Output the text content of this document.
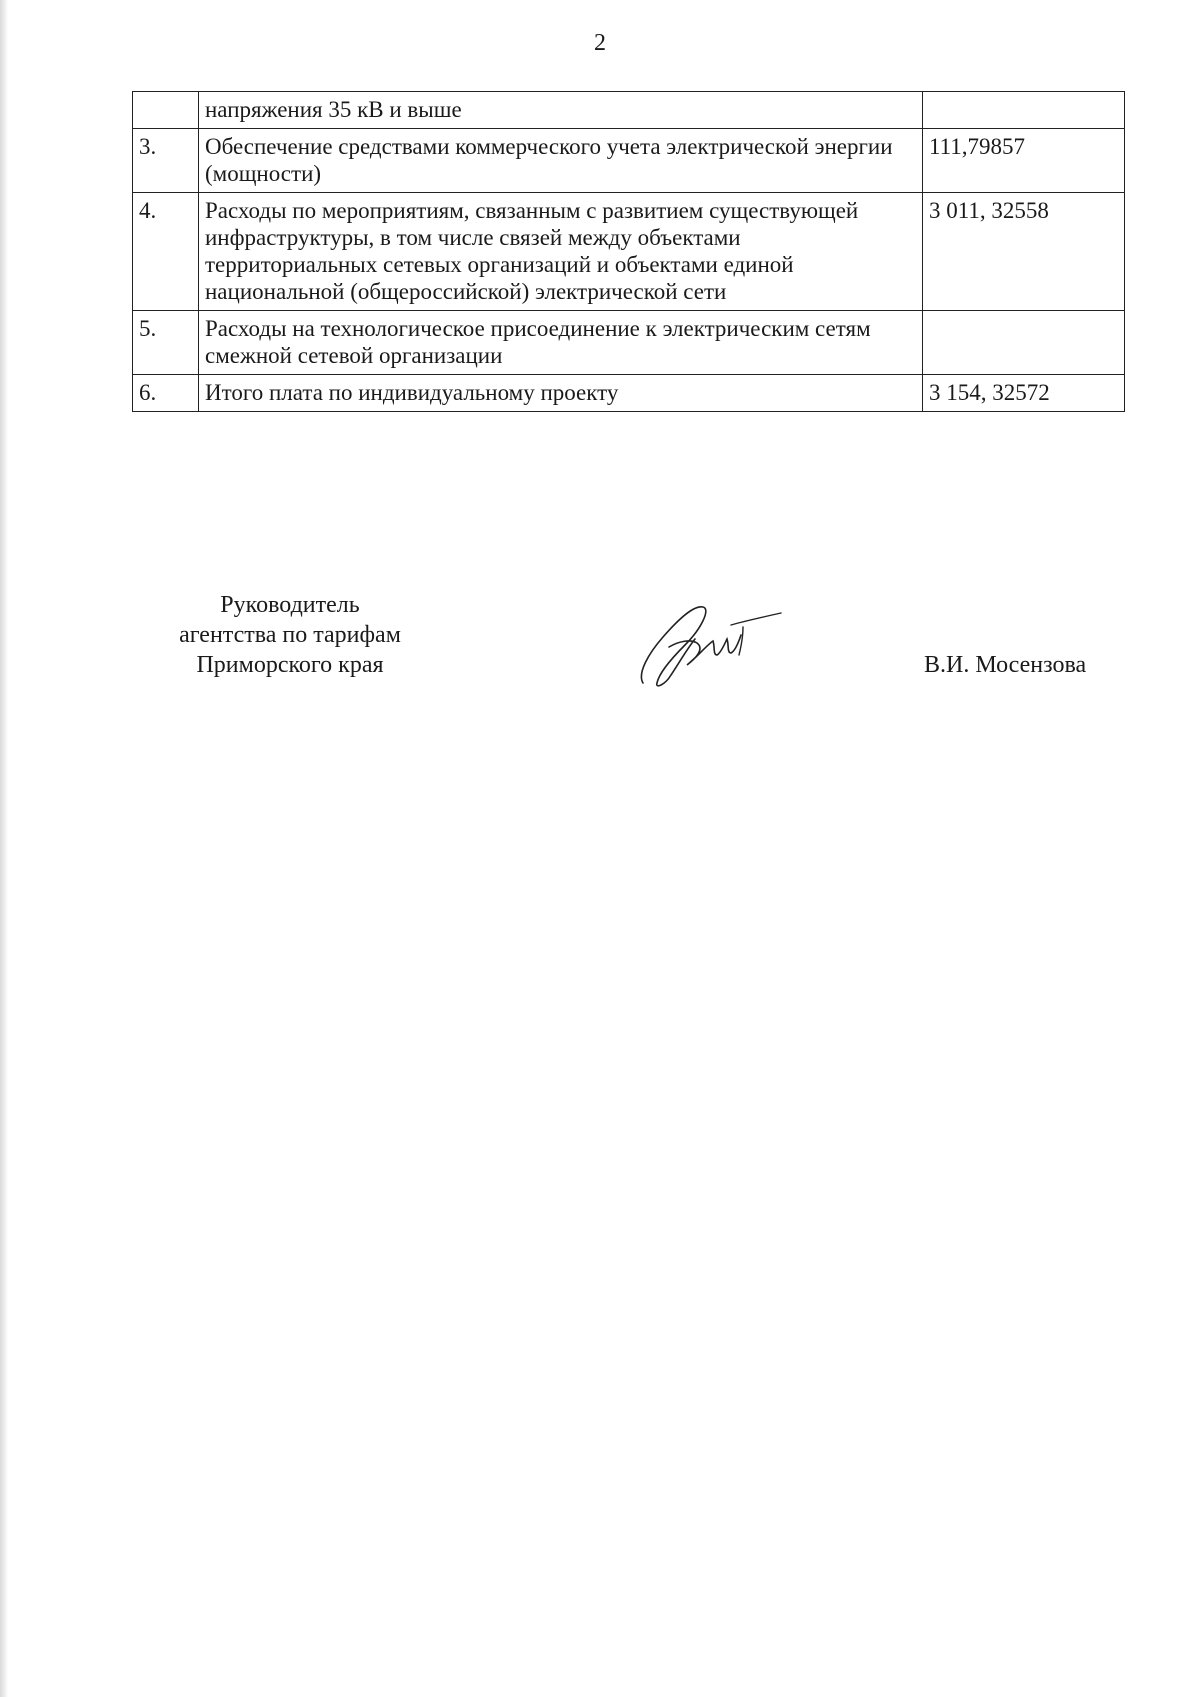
2
	напряжения 35 кВ и выше	
3.	Обеспечение средствами коммерческого учета электрической энергии (мощности)	111,79857
4.	Расходы по мероприятиям, связанным с развитием существующей инфраструктуры, в том числе связей между объектами территориальных сетевых организаций и объектами единой национальной (общероссийской) электрической сети	3 011, 32558
5.	Расходы на технологическое присоединение к электрическим сетям смежной сетевой организации	
6.	Итого плата по индивидуальному проекту	3 154, 32572
Руководитель
агентства по тарифам
Приморского края	В.И. Мосензова
